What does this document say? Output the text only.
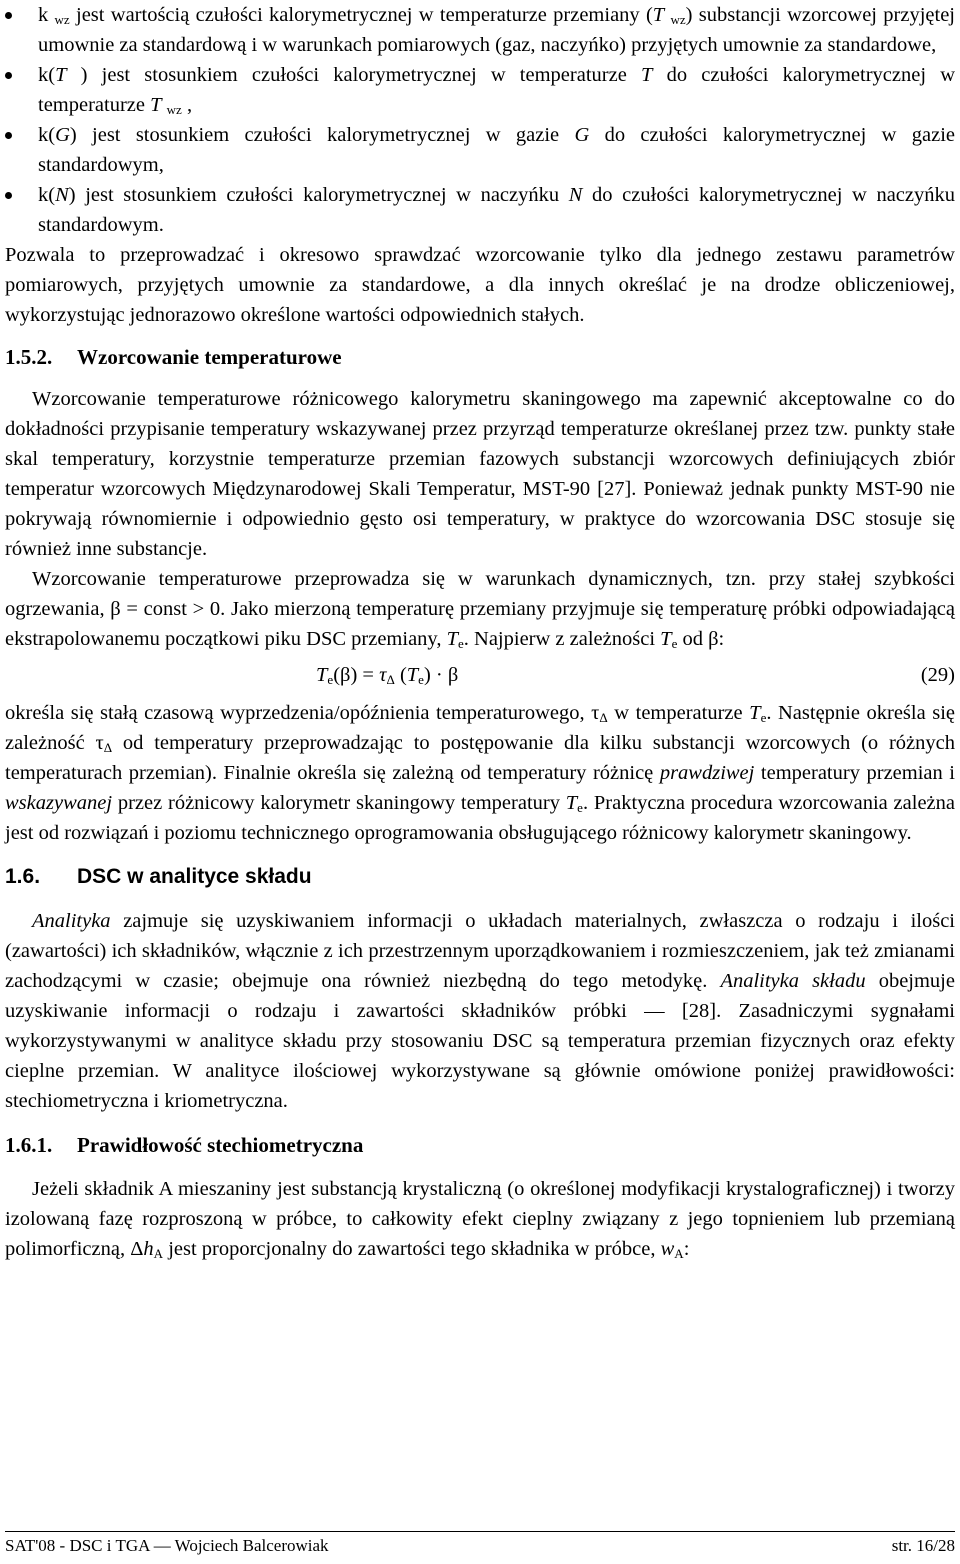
k $_{wz}$ jest wartością czułości kalorymetrycznej w temperaturze przemiany (T $_{wz}$) substancji wzorcowej przyjętej umownie za standardową i w warunkach pomiarowych (gaz, naczyńko) przyjętych umownie za standardowe,
k(T ) jest stosunkiem czułości kalorymetrycznej w temperaturze T do czułości kalorymetrycznej w temperaturze T $_{wz}$ ,
k(G) jest stosunkiem czułości kalorymetrycznej w gazie G do czułości kalorymetrycznej w gazie standardowym,
k(N) jest stosunkiem czułości kalorymetrycznej w naczyńku N do czułości kalorymetrycznej w naczyńku standardowym.

Pozwala to przeprowadzać i okresowo sprawdzać wzorcowanie tylko dla jednego zestawu parametrów pomiarowych, przyjętych umownie za standardowe, a dla innych określać je na drodze obliczeniowej, wykorzystując jednorazowo określone wartości odpowiednich stałych.

1.5.2. Wzorcowanie temperaturowe

Wzorcowanie temperaturowe różnicowego kalorymetru skaningowego ma zapewnić akceptowalne co do dokładności przypisanie temperatury wskazywanej przez przyrząd temperaturze określanej przez tzw. punkty stałe skal temperatury, korzystnie temperaturze przemian fazowych substancji wzorcowych definiujących zbiór temperatur wzorcowych Międzynarodowej Skali Temperatur, MST-90 [27]. Ponieważ jednak punkty MST-90 nie pokrywają równomiernie i odpowiednio gęsto osi temperatury, w praktyce do wzorcowania DSC stosuje się również inne substancje.

Wzorcowanie temperaturowe przeprowadza się w warunkach dynamicznych, tzn. przy stałej szybkości ogrzewania, β = const > 0. Jako mierzoną temperaturę przemiany przyjmuje się temperaturę próbki odpowiadającą ekstrapolowanemu początkowi piku DSC przemiany, $T_e$. Najpierw z zależności $T_e$ od β:

$T_e(\beta) = \tau_\Delta$ $(T_e) \cdot \beta$	(29)

określa się stałą czasową wyprzedzenia/opóźnienia temperaturowego, $\tau_\Delta$ w temperaturze $T_e$. Następnie określa się zależność $\tau_\Delta$ od temperatury przeprowadzając to postępowanie dla kilku substancji wzorcowych (o różnych temperaturach przemian). Finalnie określa się zależną od temperatury różnicę prawdziwej temperatury przemian i wskazywanej przez różnicowy kalorymetr skaningowy temperatury $T_e$. Praktyczna procedura wzorcowania zależna jest od rozwiązań i poziomu technicznego oprogramowania obsługującego różnicowy kalorymetr skaningowy.

1.6. DSC w analityce składu

Analityka zajmuje się uzyskiwaniem informacji o układach materialnych, zwłaszcza o rodzaju i ilości (zawartości) ich składników, włącznie z ich przestrzennym uporządkowaniem i rozmieszczeniem, jak też zmianami zachodzącymi w czasie; obejmuje ona również niezbędną do tego metodykę. Analityka składu obejmuje uzyskiwanie informacji o rodzaju i zawartości składników próbki — [28]. Zasadniczymi sygnałami wykorzystywanymi w analityce składu przy stosowaniu DSC są temperatura przemian fizycznych oraz efekty cieplne przemian. W analityce ilościowej wykorzystywane są głównie omówione poniżej prawidłowości: stechiometryczna i kriometryczna.

1.6.1. Prawidłowość stechiometryczna

Jeżeli składnik A mieszaniny jest substancją krystaliczną (o określonej modyfikacji krystalograficznej) i tworzy izolowaną fazę rozproszoną w próbce, to całkowity efekt cieplny związany z jego topnieniem lub przemianą polimorficzną, $\Delta h_A$ jest proporcjonalny do zawartości tego składnika w próbce, $w_A$:

SAT'08 - DSC i TGA — Wojciech Balcerowiak	str. 16/28
